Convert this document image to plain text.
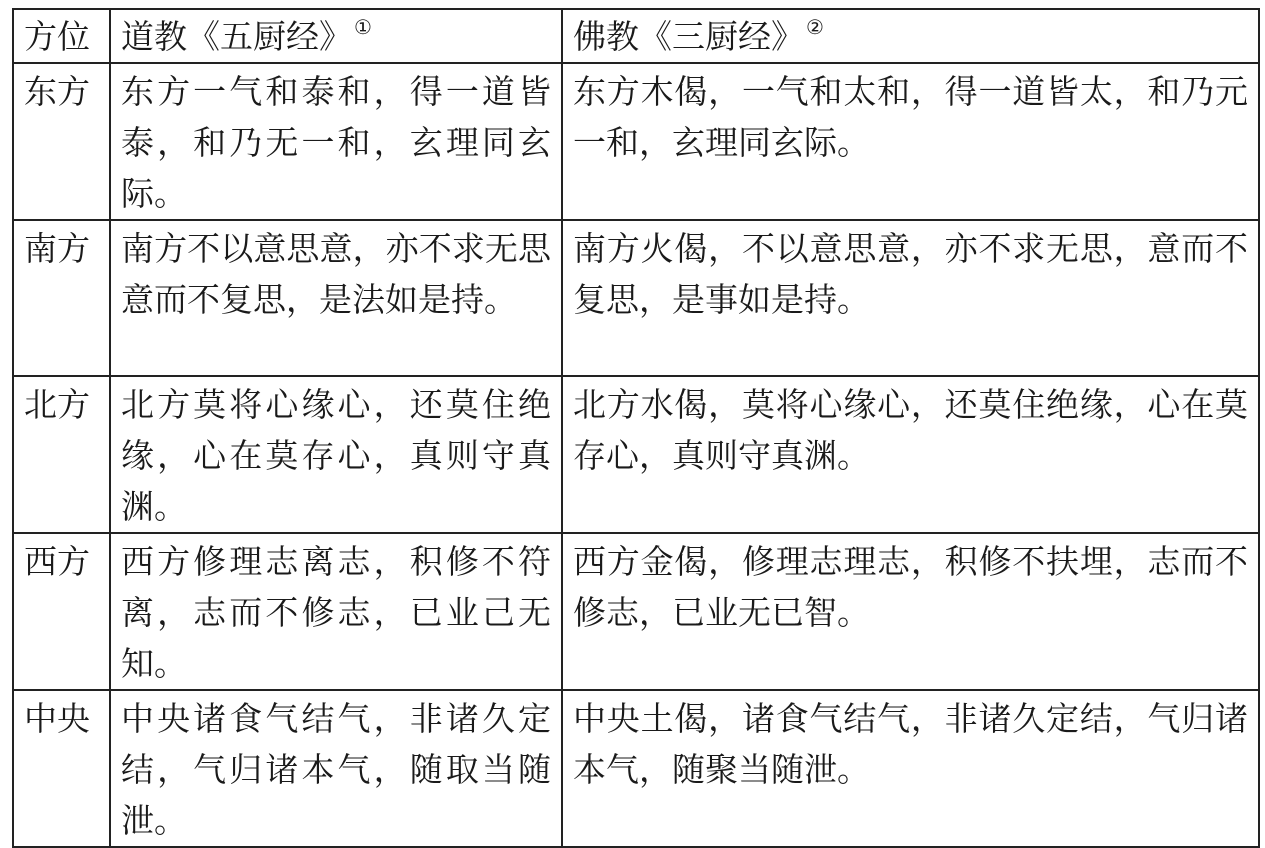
方位	道教《五厨经》 ①	佛教《三厨经》 ②
东方	东方一气和泰和，得一道皆泰，和乃无一和，玄理同玄际。	东方木偈，一气和太和，得一道皆太，和乃元一和，玄理同玄际。
南方	南方不以意思意，亦不求无思意而不复思，是法如是持。	南方火偈，不以意思意，亦不求无思，意而不复思，是事如是持。
北方	北方莫将心缘心，还莫住绝缘，心在莫存心，真则守真渊。	北方水偈，莫将心缘心，还莫住绝缘，心在莫存心，真则守真渊。
西方	西方修理志离志，积修不符离，志而不修志，已业己无知。	西方金偈，修理志理志，积修不扶埋，志而不修志，已业无已智。
中央	中央诸食气结气，非诸久定结，气归诸本气，随取当随泄。	中央土偈，诸食气结气，非诸久定结，气归诸本气，随聚当随泄。
